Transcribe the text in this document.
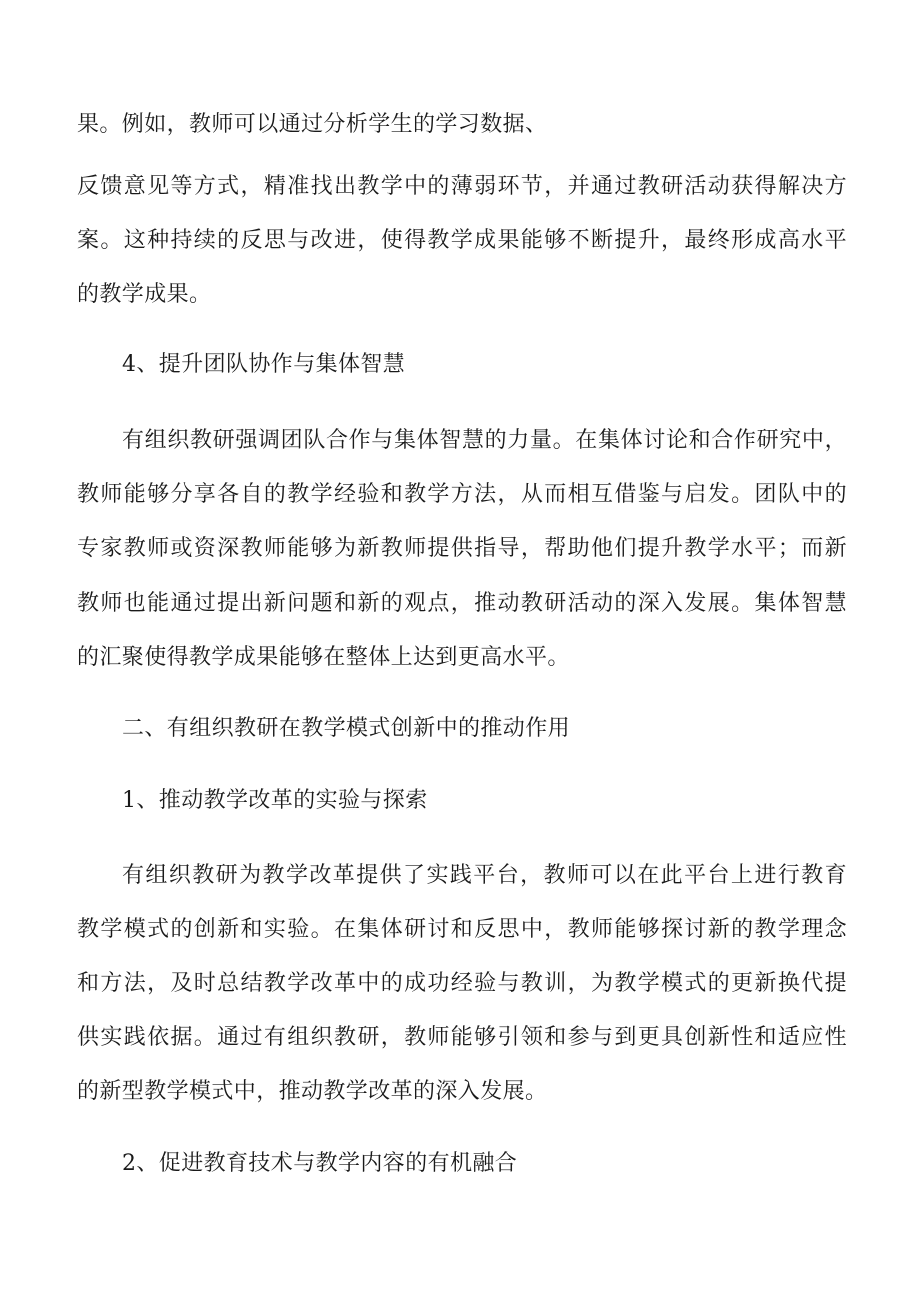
果。例如，教师可以通过分析学生的学习数据、
反馈意见等方式，精准找出教学中的薄弱环节，并通过教研活动获得解决方
案。这种持续的反思与改进，使得教学成果能够不断提升，最终形成高水平
的教学成果。
4、提升团队协作与集体智慧
有组织教研强调团队合作与集体智慧的力量。在集体讨论和合作研究中，
教师能够分享各自的教学经验和教学方法，从而相互借鉴与启发。团队中的
专家教师或资深教师能够为新教师提供指导，帮助他们提升教学水平；而新
教师也能通过提出新问题和新的观点，推动教研活动的深入发展。集体智慧
的汇聚使得教学成果能够在整体上达到更高水平。
二、有组织教研在教学模式创新中的推动作用
1、推动教学改革的实验与探索
有组织教研为教学改革提供了实践平台，教师可以在此平台上进行教育
教学模式的创新和实验。在集体研讨和反思中，教师能够探讨新的教学理念
和方法，及时总结教学改革中的成功经验与教训，为教学模式的更新换代提
供实践依据。通过有组织教研，教师能够引领和参与到更具创新性和适应性
的新型教学模式中，推动教学改革的深入发展。
2、促进教育技术与教学内容的有机融合
